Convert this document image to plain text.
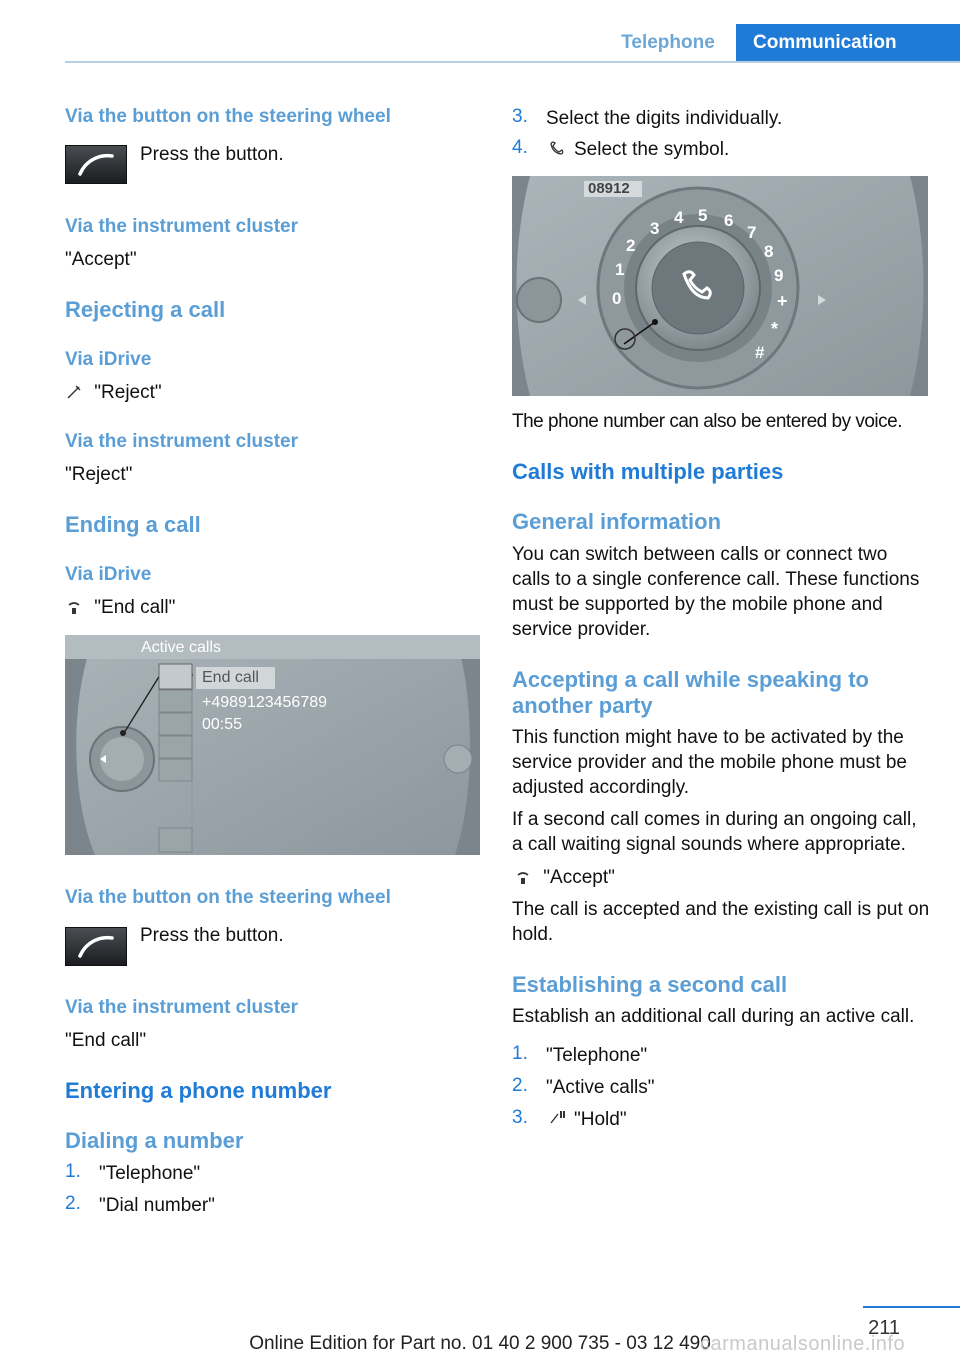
Telephone	Communication
Via the button on the steering wheel
Press the button.
Via the instrument cluster
"Accept"
Rejecting a call
Via iDrive
"Reject"
Via the instrument cluster
"Reject"
Ending a call
Via iDrive
"End call"
Active calls
End call
+4989123456789
00:55
Via the button on the steering wheel
Press the button.
Via the instrument cluster
"End call"
Entering a phone number
Dialing a number
1. "Telephone"
2. "Dial number"
3. Select the digits individually.
4. Select the symbol.
08912
0
1
2
3
4 5 6
7
8
9
+
*
#
The phone number can also be entered by voice.
Calls with multiple parties
General information
You can switch between calls or connect two calls to a single conference call. These functions must be supported by the mobile phone and service provider.
Accepting a call while speaking to another party
This function might have to be activated by the service provider and the mobile phone must be adjusted accordingly.
If a second call comes in during an ongoing call, a call waiting signal sounds where appropriate.
"Accept"
The call is accepted and the existing call is put on hold.
Establishing a second call
Establish an additional call during an active call.
1. "Telephone"
2. "Active calls"
3. "Hold"
211
Online Edition for Part no. 01 40 2 900 735 - 03 12 490
carmanualsonline.info
